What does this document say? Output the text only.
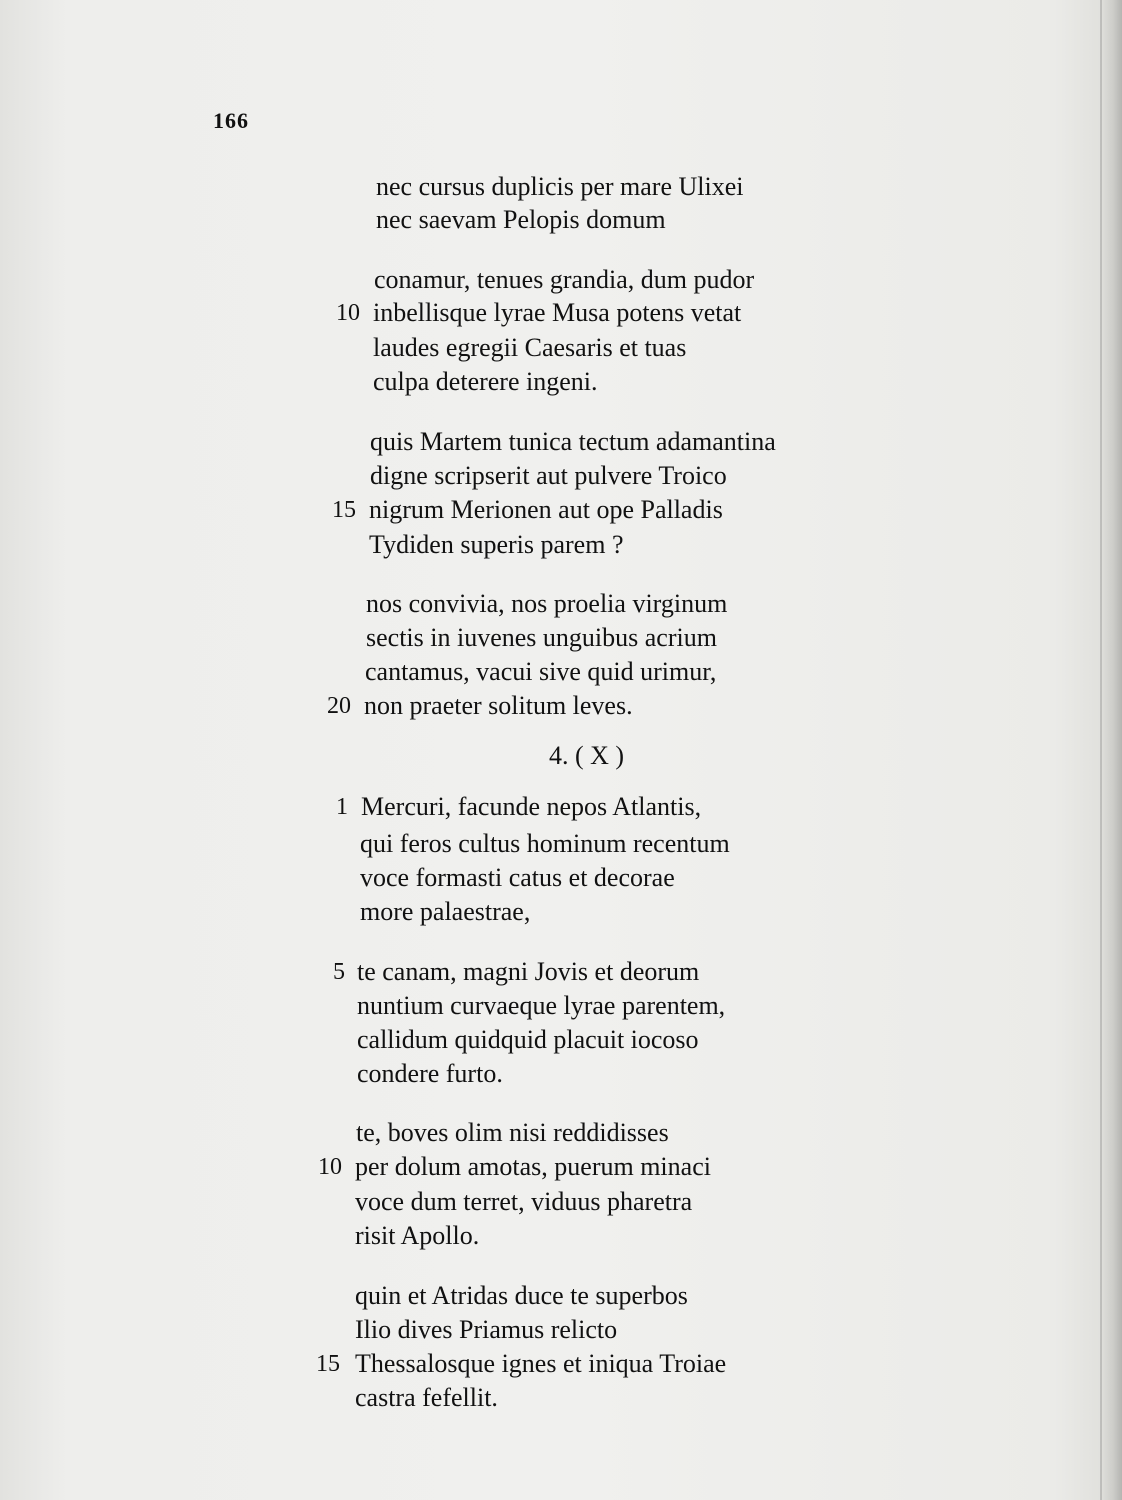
166
nec cursus duplicis per mare Ulixei
nec saevam Pelopis domum
conamur, tenues grandia, dum pudor
10 inbellisque lyrae Musa potens vetat
laudes egregii Caesaris et tuas
culpa deterere ingeni.
quis Martem tunica tectum adamantina
digne scripserit aut pulvere Troico
15 nigrum Merionen aut ope Palladis
Tydiden superis parem ?
nos convivia, nos proelia virginum
sectis in iuvenes unguibus acrium
cantamus, vacui sive quid urimur,
20 non praeter solitum leves.
4. ( X )
1 Mercuri, facunde nepos Atlantis,
qui feros cultus hominum recentum
voce formasti catus et decorae
more palaestrae,
5 te canam, magni Jovis et deorum
nuntium curvaeque lyrae parentem,
callidum quidquid placuit iocoso
condere furto.
te, boves olim nisi reddidisses
10 per dolum amotas, puerum minaci
voce dum terret, viduus pharetra
risit Apollo.
quin et Atridas duce te superbos
Ilio dives Priamus relicto
15 Thessalosque ignes et iniqua Troiae
castra fefellit.
